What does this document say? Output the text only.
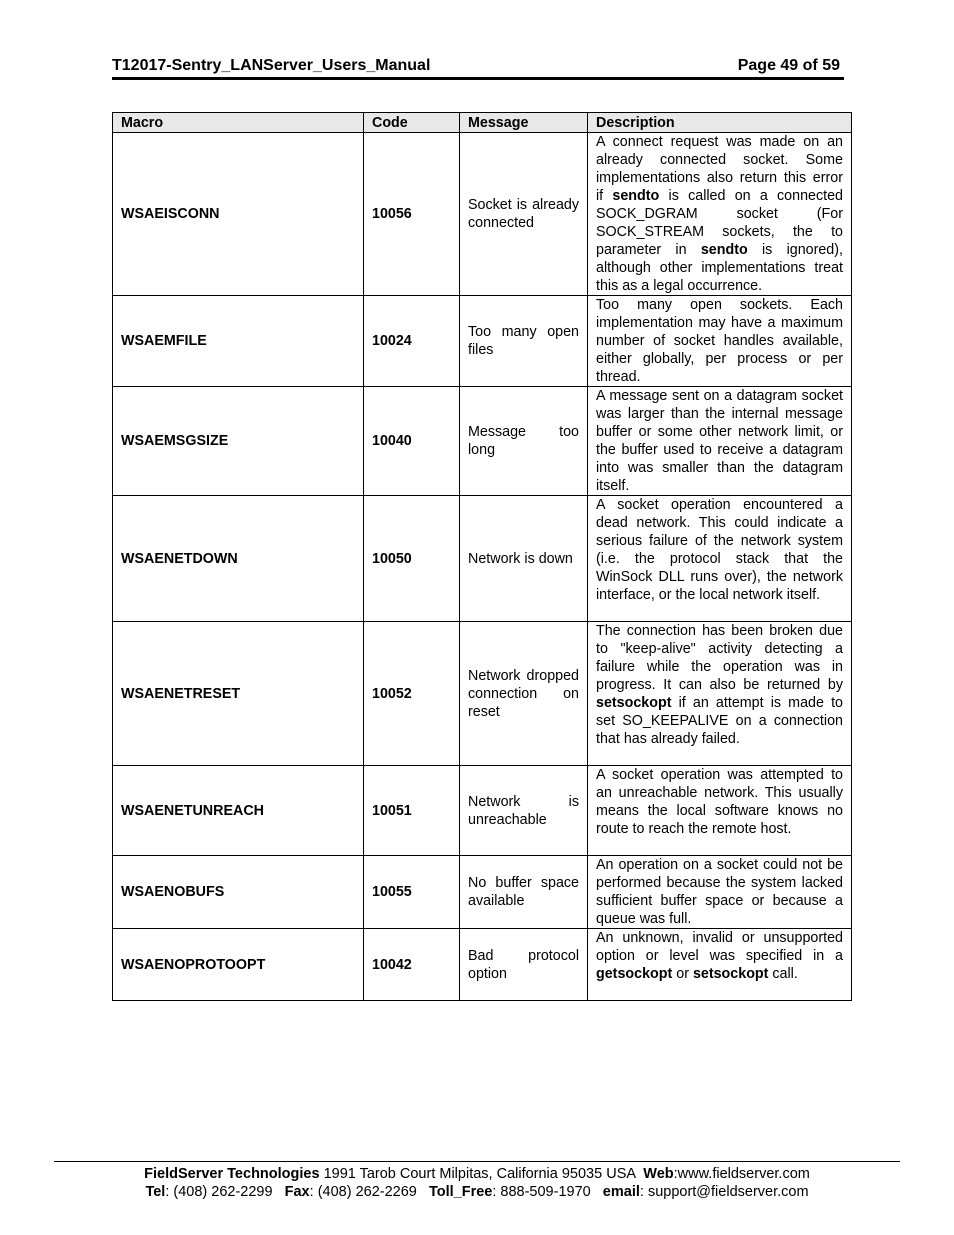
T12017-Sentry_LANServer_Users_Manual	Page 49 of 59
Macro	Code	Message	Description
WSAEISCONN	10056	Socket is already connected	A connect request was made on an already connected socket. Some implementations also return this error if sendto is called on a connected SOCK_DGRAM socket (For SOCK_STREAM sockets, the to parameter in sendto is ignored), although other implementations treat this as a legal occurrence.
WSAEMFILE	10024	Too many open files	Too many open sockets. Each implementation may have a maximum number of socket handles available, either globally, per process or per thread.
WSAEMSGSIZE	10040	Message too long	A message sent on a datagram socket was larger than the internal message buffer or some other network limit, or the buffer used to receive a datagram into was smaller than the datagram itself.
WSAENETDOWN	10050	Network is down	A socket operation encountered a dead network. This could indicate a serious failure of the network system (i.e. the protocol stack that the WinSock DLL runs over), the network interface, or the local network itself.
WSAENETRESET	10052	Network dropped connection on reset	The connection has been broken due to "keep-alive" activity detecting a failure while the operation was in progress. It can also be returned by setsockopt if an attempt is made to set SO_KEEPALIVE on a connection that has already failed.
WSAENETUNREACH	10051	Network is unreachable	A socket operation was attempted to an unreachable network. This usually means the local software knows no route to reach the remote host.
WSAENOBUFS	10055	No buffer space available	An operation on a socket could not be performed because the system lacked sufficient buffer space or because a queue was full.
WSAENOPROTOOPT	10042	Bad protocol option	An unknown, invalid or unsupported option or level was specified in a getsockopt or setsockopt call.
FieldServer Technologies 1991 Tarob Court Milpitas, California 95035 USA  Web:www.fieldserver.com
Tel: (408) 262-2299   Fax: (408) 262-2269   Toll_Free: 888-509-1970   email: support@fieldserver.com
